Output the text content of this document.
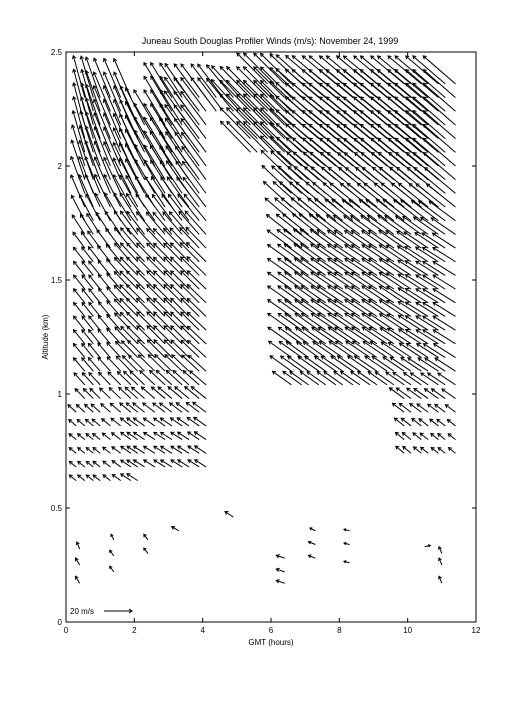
Juneau South Douglas Profiler Winds (m/s): November 24, 1999
0	2	4	6	8	10	12
0
0.5
1
1.5
2
2.5
GMT (hours)
Altitude (km)
20 m/s
